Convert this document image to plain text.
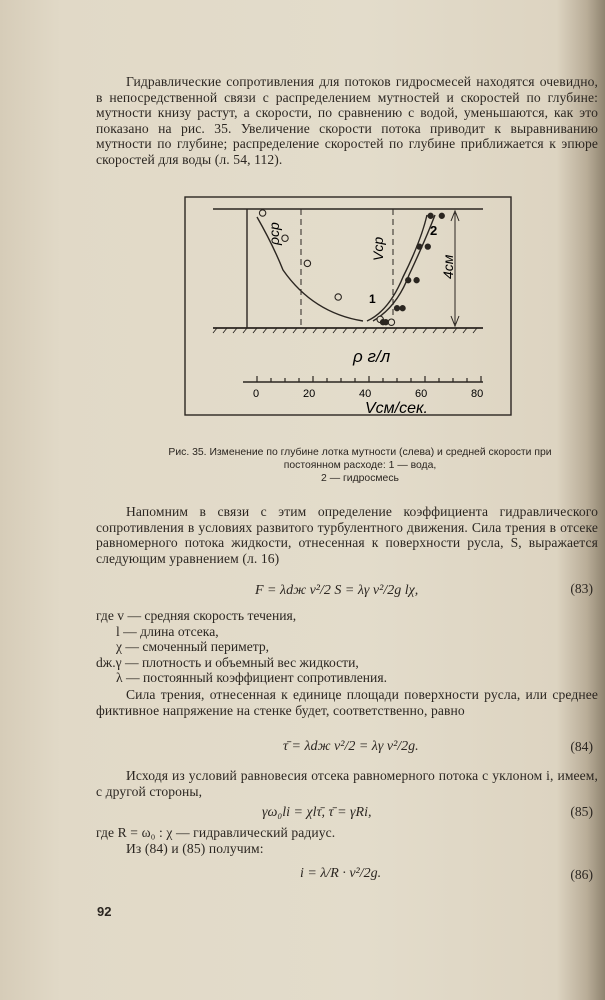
Гидравлические сопротивления для потоков гидросмесей находятся очевидно, в непосредственной связи с распределением мутностей и скоростей по глубине: мутности книзу растут, а скорости, по сравнению с водой, уменьшаются, как это показано на рис. 35. Увеличение скорости потока приводит к выравниванию мутности по глубине; распределение скоростей по глубине приближается к эпюре скоростей для воды (л. 54, 112).

ρср
Vср
4см
1
2
ρ г/л
0	20	40	60	80
Vсм/сек.

Рис. 35. Изменение по глубине лотка мутности (слева) и средней скорости при постоянном расходе: 1 — вода,

2 — гидросмесь

Напомним в связи с этим определение коэффициента гидравлического сопротивления в условиях развитого турбулентного движения. Сила трения в отсеке равномерного потока жидкости, отнесенная к поверхности русла, S, выражается следующим уравнением (л. 16)

F = λdж v²/2 S = λγ v²/2g lχ,	(83)
где v — средняя скорость течения,
l — длина отсека,
χ — смоченный периметр,
dж.γ — плотность и объемный вес жидкости,
λ — постоянный коэффициент сопротивления.

Сила трения, отнесенная к единице площади поверхности русла, или среднее фиктивное напряжение на стенке будет, соответственно, равно

τ̄ = λdж v²/2 = λγ v²/2g.	(84)

Исходя из условий равновесия отсека равномерного потока с уклоном i, имеем, с другой стороны,

γω₀li = χlτ̄, τ̄ = γRi,	(85)

где R = ω₀ : χ — гидравлический радиус.

Из (84) и (85) получим:

i = λ/R · v²/2g.	(86)
92
